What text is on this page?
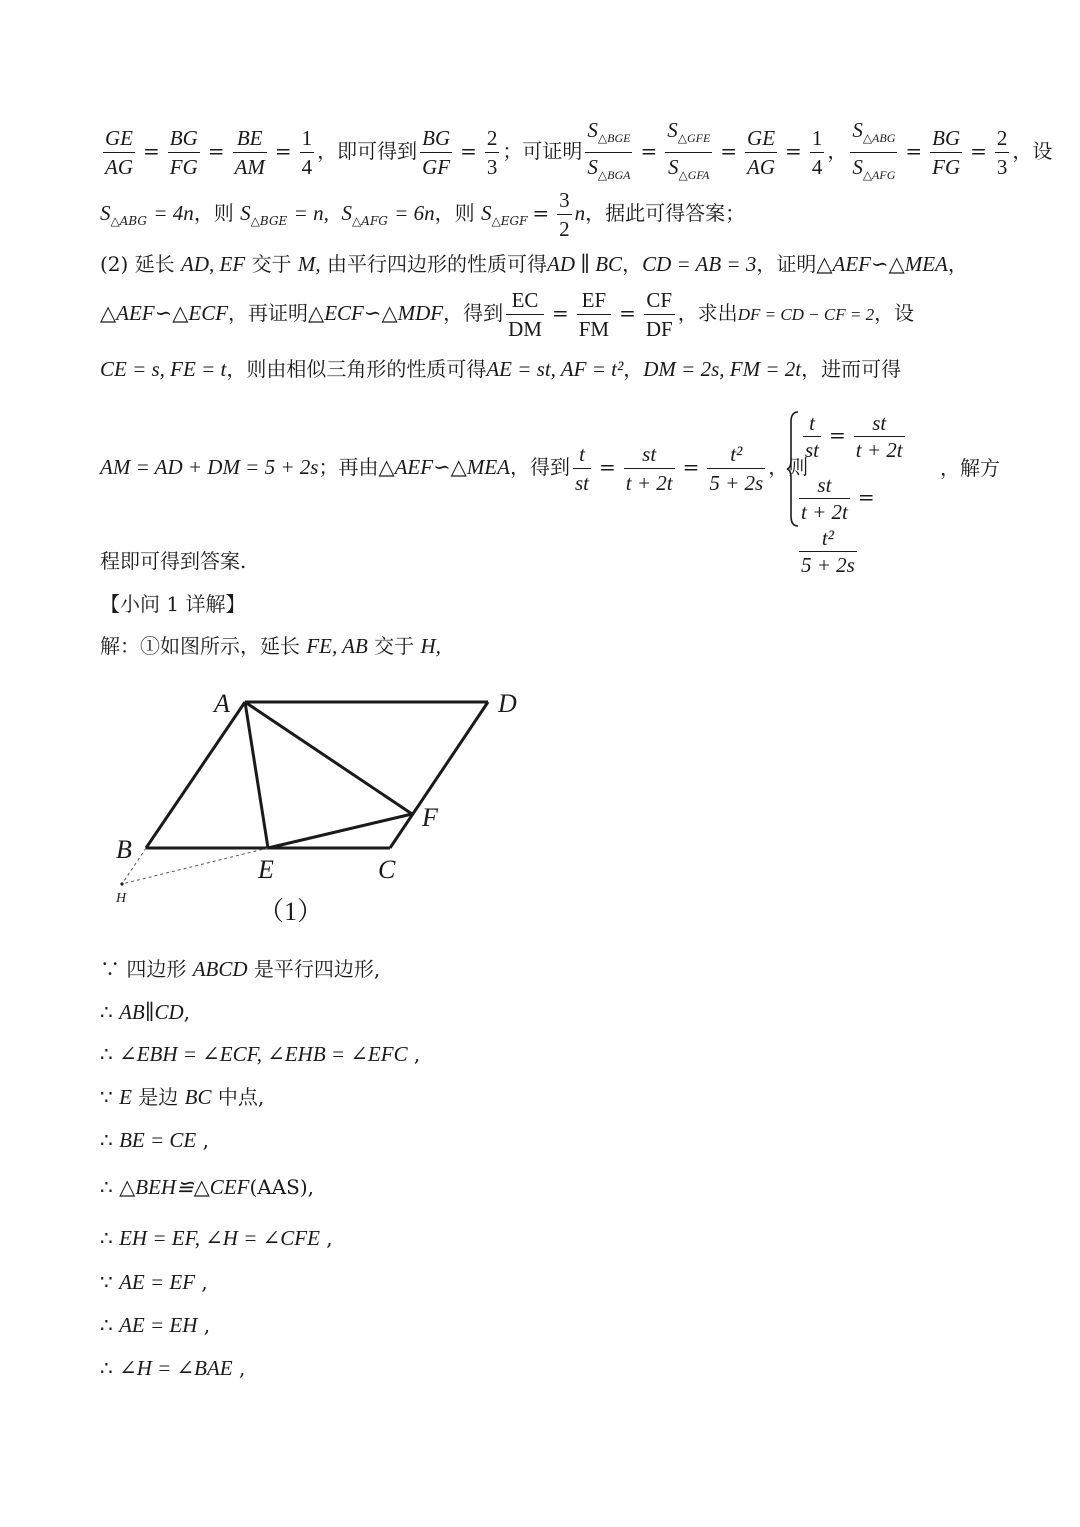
$\frac{GE}{AG} = \frac{BG}{FG} = \frac{BE}{AM} = \frac{1}{4}$ ，即可得到 $\frac{BG}{GF} = \frac{2}{3}$ ；可证明 $\frac{S_{\triangle BGE}}{S_{\triangle BGA}} = \frac{S_{\triangle GFE}}{S_{\triangle GFA}} = \frac{GE}{AG} = \frac{1}{4}$ ， $\frac{S_{\triangle ABG}}{S_{\triangle AFG}} = \frac{BG}{FG} = \frac{2}{3}$ ，设
$S_{\triangle ABG} = 4n$，则 $S_{\triangle BGE} = n$, $S_{\triangle AFG} = 6n$，则 $S_{\triangle EGF} = \frac{3}{2}$ n，据此可得答案；
(2) 延长 AD, EF 交于 M, 由平行四边形的性质可得AD ∥ BC，CD = AB = 3，证明△AEF∽△MEA，
△AEF∽△ECF，再证明△ECF∽△MDF，得到 $\frac{EC}{DM} = \frac{EF}{FM} = \frac{CF}{DF}$ ，求出DF = CD − CF = 2，设
CE = s, FE = t，则由相似三角形的性质可得AE = st, AF = t²，DM = 2s, FM = 2t，进而可得
AM = AD + DM = 5 + 2s；再由△AEF∽△MEA，得到 $\frac{t}{st} = \frac{st}{t + 2t} = \frac{\text{t²}}{5 + 2s}$ ，则
$\frac{t}{st} = \frac{st}{t + 2t}$
$\frac{st}{t + 2t}$ =
$\frac{\text{t²}}{5 + 2s}$
，解方
程即可得到答案.
【小问 1 详解】
解：①如图所示，延长 FE, AB 交于 H,
A	D
B
E	C
F
H	（1）
∵ 四边形 ABCD 是平行四边形,
∴ AB∥CD,
∴ ∠EBH = ∠ECF, ∠EHB = ∠EFC ,
∵ E 是边 BC 中点,
∴ BE = CE ,
∴ △BEH≌△CEF(AAS),
∴ EH = EF, ∠H = ∠CFE ,
∵ AE = EF ,
∴ AE = EH ,
∴ ∠H = ∠BAE ,
